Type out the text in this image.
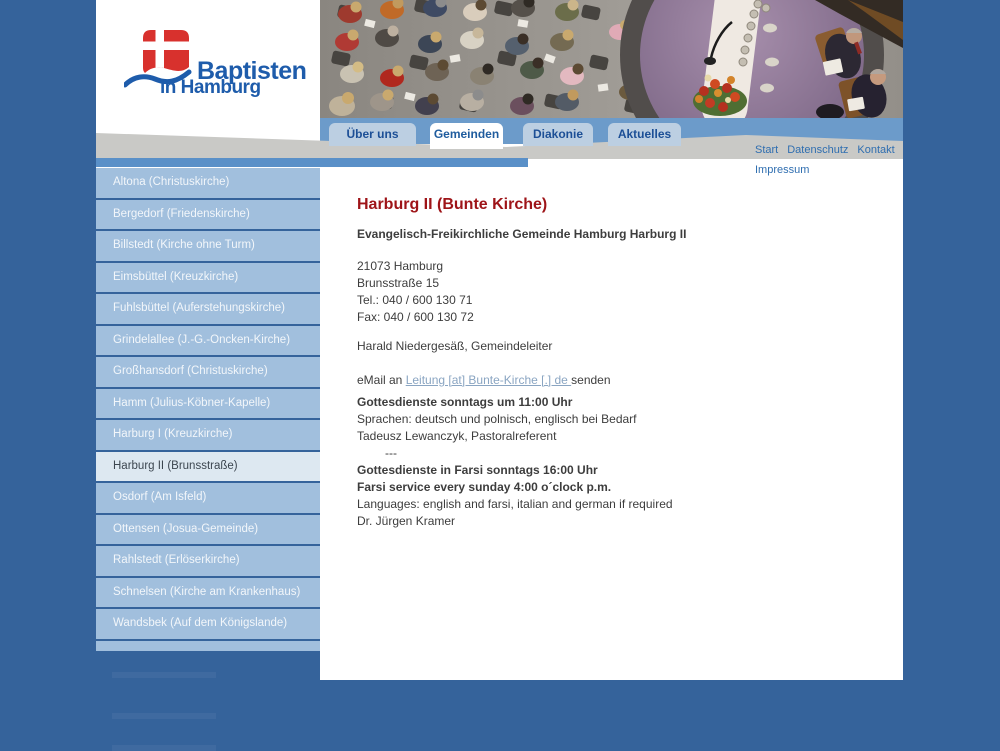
Baptisten
in Hamburg
Über uns	Gemeinden	Diakonie	Aktuelles
Start Datenschutz Kontakt
Impressum
Altona (Christuskirche)
Bergedorf (Friedenskirche)
Billstedt (Kirche ohne Turm)
Eimsbüttel (Kreuzkirche)
Fuhlsbüttel (Auferstehungskirche)
Grindelallee (J.-G.-Oncken-Kirche)
Großhansdorf (Christuskirche)
Hamm (Julius-Köbner-Kapelle)
Harburg I (Kreuzkirche)
Harburg II (Brunsstraße)
Osdorf (Am Isfeld)
Ottensen (Josua-Gemeinde)
Rahlstedt (Erlöserkirche)
Schnelsen (Kirche am Krankenhaus)
Wandsbek (Auf dem Königslande)
Harburg II (Bunte Kirche)

Evangelisch-Freikirchliche Gemeinde Hamburg Harburg II

21073 Hamburg

Brunsstraße 15

Tel.: 040 / 600 130 71

Fax: 040 / 600 130 72

Harald Niedergesäß, Gemeindeleiter

eMail an Leitung [at] Bunte-Kirche [.] de senden

Gottesdienste sonntags um 11:00 Uhr

Sprachen: deutsch und polnisch, englisch bei Bedarf

Tadeusz Lewanczyk, Pastoralreferent

---

Gottesdienste in Farsi sonntags 16:00 Uhr

Farsi service every sunday 4:00 o´clock p.m.

Languages: english and farsi, italian and german if required

Dr. Jürgen Kramer
